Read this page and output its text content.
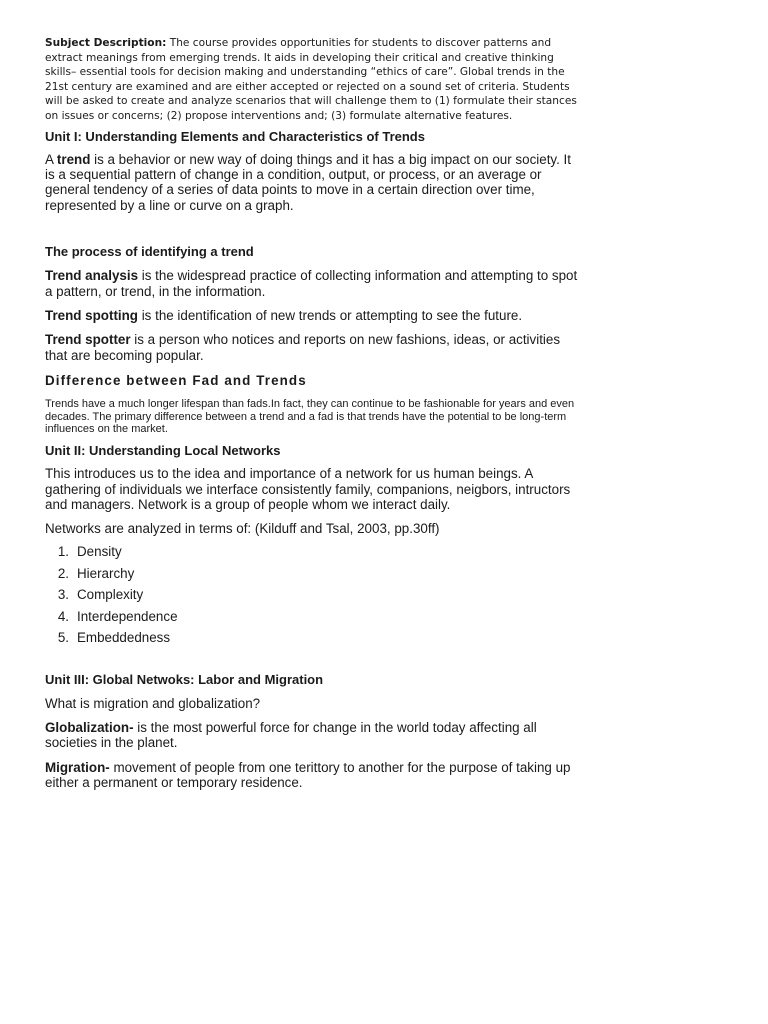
Subject Description: The course provides opportunities for students to discover patterns and extract meanings from emerging trends. It aids in developing their critical and creative thinking skills– essential tools for decision making and understanding “ethics of care”. Global trends in the 21st century are examined and are either accepted or rejected on a sound set of criteria. Students will be asked to create and analyze scenarios that will challenge them to (1) formulate their stances on issues or concerns; (2) propose interventions and; (3) formulate alternative features.

Unit I: Understanding Elements and Characteristics of Trends

A trend is a behavior or new way of doing things and it has a big impact on our society. It is a sequential pattern of change in a condition, output, or process, or an average or general tendency of a series of data points to move in a certain direction over time, represented by a line or curve on a graph.

The process of identifying a trend

Trend analysis is the widespread practice of collecting information and attempting to spot a pattern, or trend, in the information.

Trend spotting is the identification of new trends or attempting to see the future.

Trend spotter is a person who notices and reports on new fashions, ideas, or activities that are becoming popular.

Difference between Fad and Trends

Trends have a much longer lifespan than fads.In fact, they can continue to be fashionable for years and even decades. The primary difference between a trend and a fad is that trends have the potential to be long-term influences on the market.

Unit II: Understanding Local Networks

This introduces us to the idea and importance of a network for us human beings. A gathering of individuals we interface consistently family, companions, neigbors, intructors and managers. Network is a group of people whom we interact daily.

Networks are analyzed in terms of: (Kilduff and Tsal, 2003, pp.30ff)

1. Density
2. Hierarchy
3. Complexity
4. Interdependence
5. Embeddedness
Unit III: Global Netwoks: Labor and Migration

What is migration and globalization?

Globalization- is the most powerful force for change in the world today affecting all societies in the planet.

Migration- movement of people from one terittory to another for the purpose of taking up either a permanent or temporary residence.
